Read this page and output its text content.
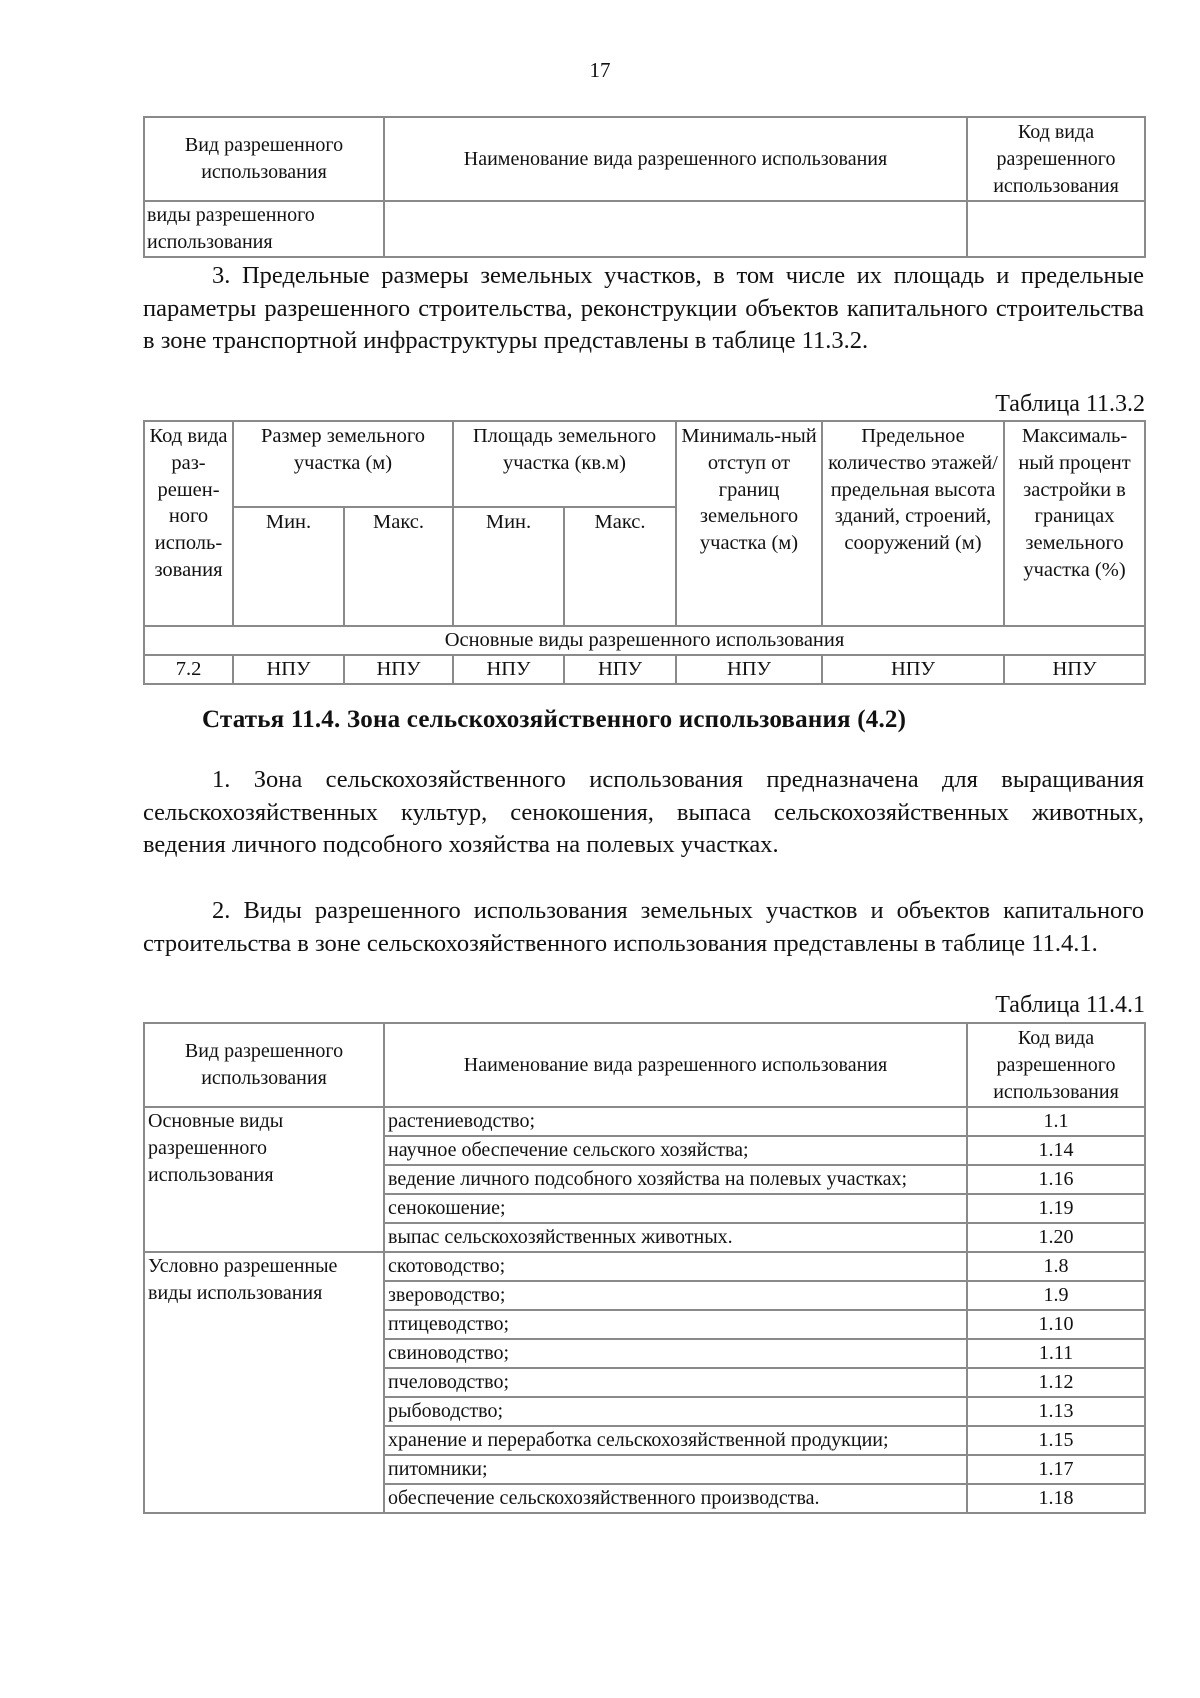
17
Вид разрешенного использования	Наименование вида разрешенного использования	Код вида разрешенного использования
виды разрешенного использования		
3. Предельные размеры земельных участков, в том числе их площадь и предельные параметры разрешенного строительства, реконструкции объектов капитального строительства в зоне транспортной инфраструктуры представлены в таблице 11.3.2.
Таблица 11.3.2
Код вида раз-решен-ного исполь-зования	Размер земельного участка (м)		Площадь земельного участка (кв.м)		Минималь-ный отступ от границ земельного участка (м)	Предельное количество этажей/ предельная высота зданий, строений, сооружений (м)	Максималь-ный процент застройки в границах земельного участка (%)
	Мин.	Макс.	Мин.	Макс.			
Основные виды разрешенного использования							
7.2	НПУ	НПУ	НПУ	НПУ	НПУ	НПУ	НПУ
Статья 11.4. Зона сельскохозяйственного использования (4.2)
1. Зона сельскохозяйственного использования предназначена для выращивания сельскохозяйственных культур, сенокошения, выпаса сельскохозяйственных животных, ведения личного подсобного хозяйства на полевых участках.
2. Виды разрешенного использования земельных участков и объектов капитального строительства в зоне сельскохозяйственного использования представлены в таблице 11.4.1.
Таблица 11.4.1
Вид разрешенного использования	Наименование вида разрешенного использования	Код вида разрешенного использования
Основные виды разрешенного использования	растениеводство;	1.1
	научное обеспечение сельского хозяйства;	1.14
	ведение личного подсобного хозяйства на полевых участках;	1.16
	сенокошение;	1.19
	выпас сельскохозяйственных животных.	1.20
Условно разрешенные виды использования	скотоводство;	1.8
	звероводство;	1.9
	птицеводство;	1.10
	свиноводство;	1.11
	пчеловодство;	1.12
	рыбоводство;	1.13
	хранение и переработка сельскохозяйственной продукции;	1.15
	питомники;	1.17
	обеспечение сельскохозяйственного производства.	1.18
